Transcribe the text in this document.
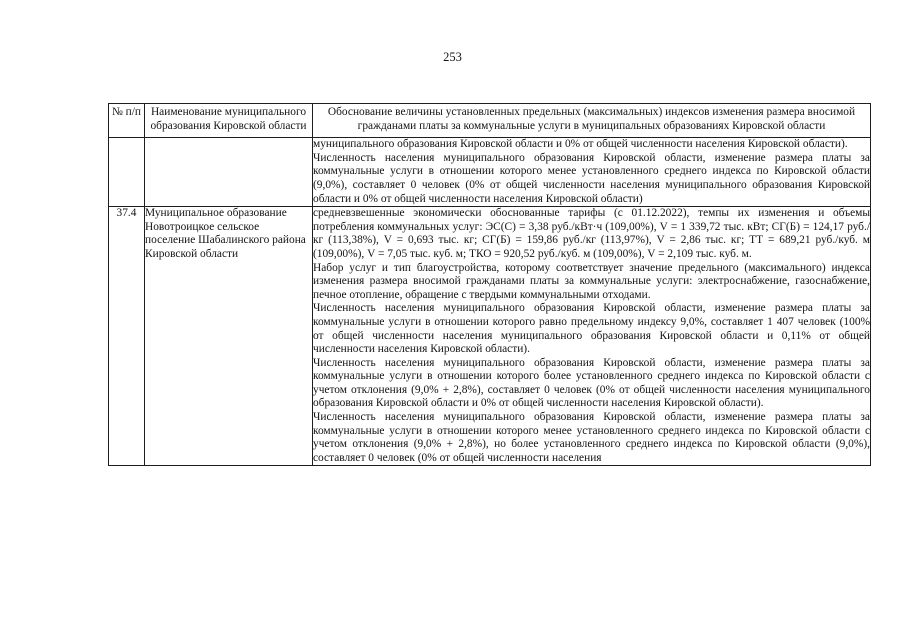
253
№ п/п	Наименование муниципального образования Кировской области	Обоснование величины установленных предельных (максимальных) индексов изменения размера вносимой гражданами платы за коммунальные услуги в муниципальных образованиях Кировской области

		муниципального образования Кировской области и 0% от общей численности населения Кировской области).

Численность населения муниципального образования Кировской области, изменение размера платы за коммунальные услуги в отношении которого менее установленного среднего индекса по Кировской области (9,0%), составляет 0 человек (0% от общей численности населения муниципального образования Кировской области и 0% от общей численности населения Кировской области)

37.4	Муниципальное образование Новотроицкое сельское поселение Шабалинского района Кировской области	средневзвешенные экономически обоснованные тарифы (с 01.12.2022), темпы их изменения и объемы потребления коммунальных услуг: ЭС(С) = 3,38 руб./кВт·ч (109,00%), V = 1 339,72 тыс. кВт; СГ(Б) = 124,17 руб./кг (113,38%), V = 0,693 тыс. кг; СГ(Б) = 159,86 руб./кг (113,97%), V = 2,86 тыс. кг; ТТ = 689,21 руб./куб. м (109,00%), V = 7,05 тыс. куб. м; ТКО = 920,52 руб./куб. м (109,00%), V = 2,109 тыс. куб. м.

Набор услуг и тип благоустройства, которому соответствует значение предельного (максимального) индекса изменения размера вносимой гражданами платы за коммунальные услуги: электроснабжение, газоснабжение, печное отопление, обращение с твердыми коммунальными отходами.

Численность населения муниципального образования Кировской области, изменение размера платы за коммунальные услуги в отношении которого равно предельному индексу 9,0%, составляет 1 407 человек (100% от общей численности населения муниципального образования Кировской области и 0,11% от общей численности населения Кировской области).

Численность населения муниципального образования Кировской области, изменение размера платы за коммунальные услуги в отношении которого более установленного среднего индекса по Кировской области с учетом отклонения (9,0% + 2,8%), составляет 0 человек (0% от общей численности населения муниципального образования Кировской области и 0% от общей численности населения Кировской области).

Численность населения муниципального образования Кировской области, изменение размера платы за коммунальные услуги в отношении которого менее установленного среднего индекса по Кировской области с учетом отклонения (9,0% + 2,8%), но более установленного среднего индекса по Кировской области (9,0%), составляет 0 человек (0% от общей численности населения
